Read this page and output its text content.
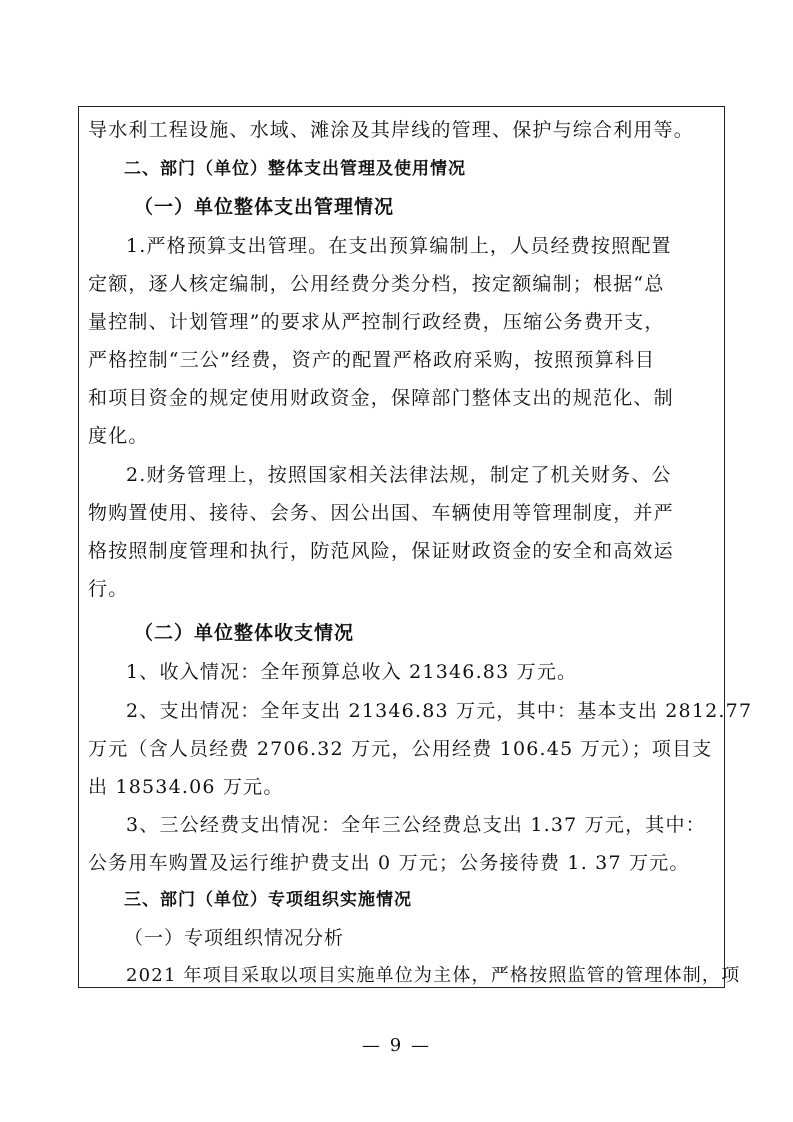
导水利工程设施、水域、滩涂及其岸线的管理、保护与综合利用等。

二、部门（单位）整体支出管理及使用情况

（一）单位整体支出管理情况

1.严格预算支出管理。在支出预算编制上，人员经费按照配置
定额，逐人核定编制，公用经费分类分档，按定额编制；根据“总
量控制、计划管理”的要求从严控制行政经费，压缩公务费开支，
严格控制“三公”经费，资产的配置严格政府采购，按照预算科目
和项目资金的规定使用财政资金，保障部门整体支出的规范化、制
度化。

2.财务管理上，按照国家相关法律法规，制定了机关财务、公
物购置使用、接待、会务、因公出国、车辆使用等管理制度，并严
格按照制度管理和执行，防范风险，保证财政资金的安全和高效运
行。

（二）单位整体收支情况

1、收入情况：全年预算总收入 21346.83 万元。

2、支出情况：全年支出 21346.83 万元，其中：基本支出 2812.77
万元（含人员经费 2706.32 万元，公用经费 106.45 万元）；项目支
出 18534.06 万元。

3、三公经费支出情况：全年三公经费总支出 1.37 万元，其中：
公务用车购置及运行维护费支出 0 万元；公务接待费 1. 37 万元。

三、部门（单位）专项组织实施情况

（一）专项组织情况分析

2021 年项目采取以项目实施单位为主体，严格按照监管的管理体制，项

— 9 —
